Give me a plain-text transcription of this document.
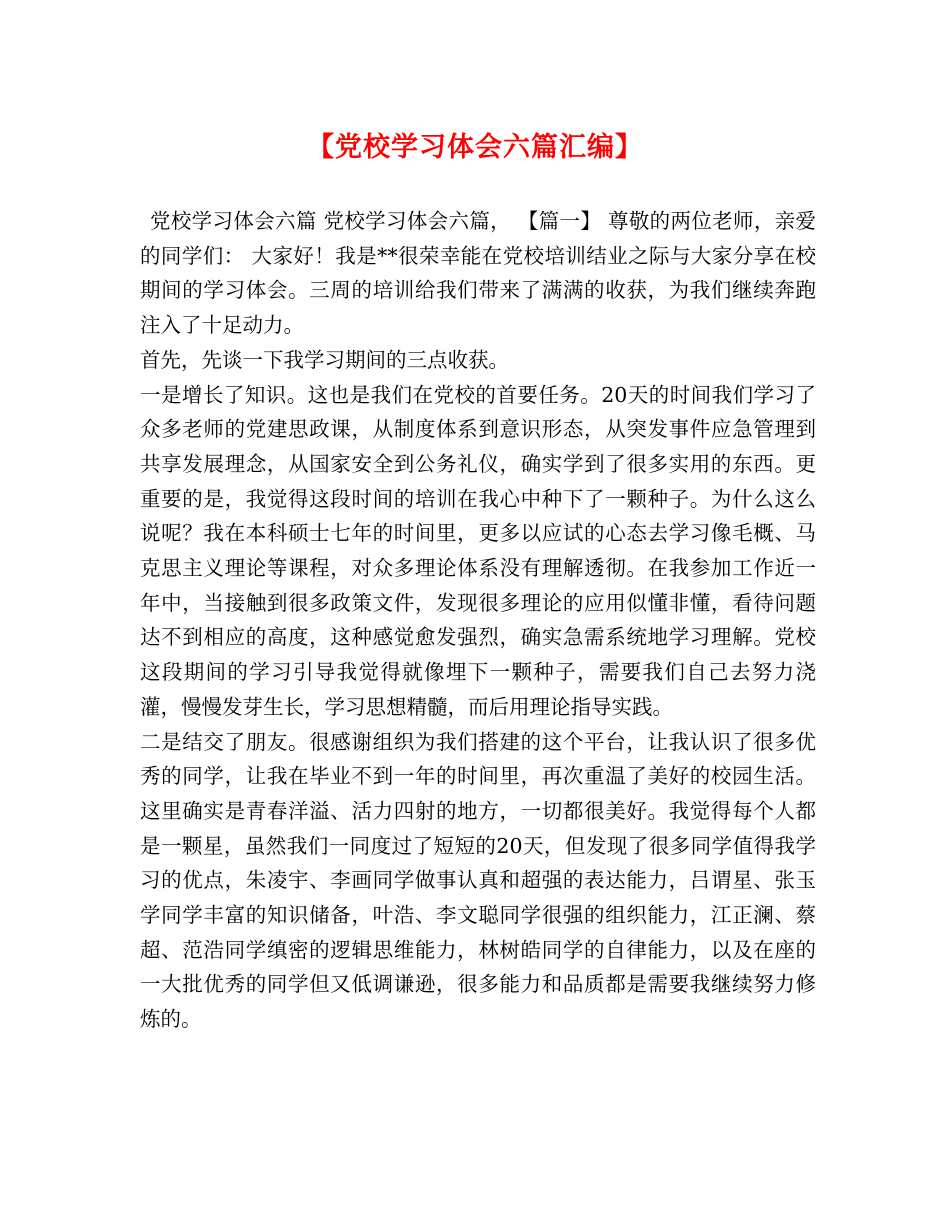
【党校学习体会六篇汇编】

党校学习体会六篇 党校学习体会六篇， 【篇一】 尊敬的两位老师，亲爱的同学们： 大家好！我是**很荣幸能在党校培训结业之际与大家分享在校期间的学习体会。三周的培训给我们带来了满满的收获，为我们继续奔跑注入了十足动力。

首先，先谈一下我学习期间的三点收获。

一是增长了知识。这也是我们在党校的首要任务。20天的时间我们学习了众多老师的党建思政课，从制度体系到意识形态，从突发事件应急管理到共享发展理念，从国家安全到公务礼仪，确实学到了很多实用的东西。更重要的是，我觉得这段时间的培训在我心中种下了一颗种子。为什么这么说呢？我在本科硕士七年的时间里，更多以应试的心态去学习像毛概、马克思主义理论等课程，对众多理论体系没有理解透彻。在我参加工作近一年中，当接触到很多政策文件，发现很多理论的应用似懂非懂，看待问题达不到相应的高度，这种感觉愈发强烈，确实急需系统地学习理解。党校这段期间的学习引导我觉得就像埋下一颗种子，需要我们自己去努力浇灌，慢慢发芽生长，学习思想精髓，而后用理论指导实践。

二是结交了朋友。很感谢组织为我们搭建的这个平台，让我认识了很多优秀的同学，让我在毕业不到一年的时间里，再次重温了美好的校园生活。这里确实是青春洋溢、活力四射的地方，一切都很美好。我觉得每个人都是一颗星，虽然我们一同度过了短短的20天，但发现了很多同学值得我学习的优点，朱凌宇、李画同学做事认真和超强的表达能力，吕谓星、张玉学同学丰富的知识储备，叶浩、李文聪同学很强的组织能力，江正澜、蔡超、范浩同学缜密的逻辑思维能力，林树皓同学的自律能力，以及在座的一大批优秀的同学但又低调谦逊，很多能力和品质都是需要我继续努力修炼的。
